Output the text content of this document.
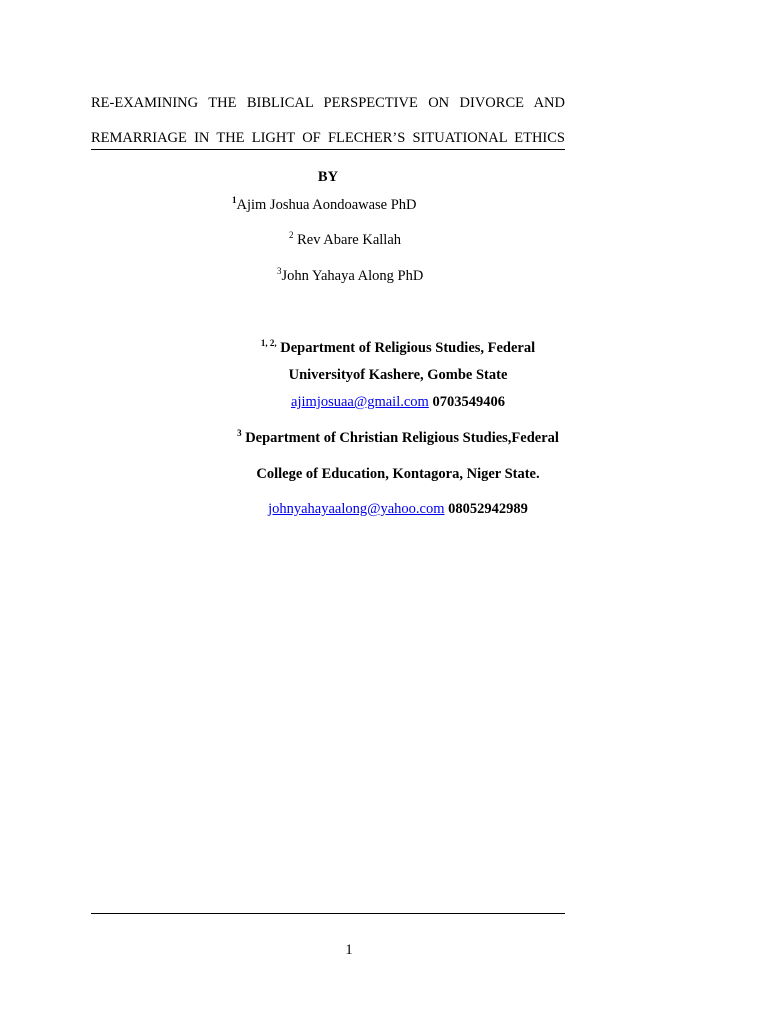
RE-EXAMINING THE BIBLICAL PERSPECTIVE ON DIVORCE AND
REMARRIAGE IN THE LIGHT OF FLECHER’S SITUATIONAL ETHICS
BY
$^1$Ajim Joshua Aondoawase PhD
$^2$ Rev Abare Kallah
$^3$John Yahaya Along PhD
$^{1, 2,}$ Department of Religious Studies, Federal
Universityof Kashere, Gombe State
ajimjosuaa@gmail.com 0703549406
$^3$ Department of Christian Religious Studies,Federal
College of Education, Kontagora, Niger State.
johnyahayaalong@yahoo.com 08052942989
1
